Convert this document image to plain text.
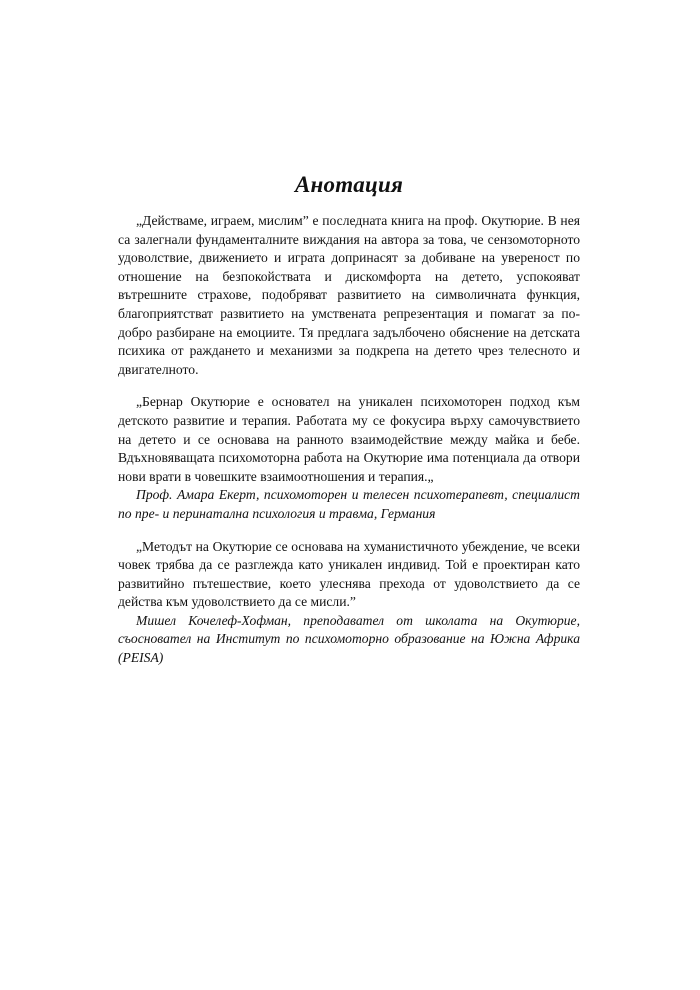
Анотация

„Действаме, играем, мислим” е последната книга на проф. Окутюрие. В нея са залегнали фундаменталните виждания на автора за това, че сензомоторното удоволствие, движението и играта допринасят за добиване на увереност по отношение на безпокойствата и дискомфорта на детето, успокояват вътрешните страхове, подобряват развитието на символичната функция, благоприятстват развитието на умствената репрезентация и помагат за по-добро разбиране на емоциите. Тя предлага задълбочено обяснение на детската психика от раждането и механизми за подкрепа на детето чрез телесното и двигателното.

„Бернар Окутюрие е основател на уникален психомоторен подход към детското развитие и терапия. Работата му се фокусира върху самочувствието на детето и се основава на ранното взаимодействие между майка и бебе. Вдъхновяващата психомоторна работа на Окутюрие има потенциала да отвори нови врати в човешките взаимоотношения и терапия.„

Проф. Амара Екерт, психомоторен и телесен психотерапевт, специалист по пре- и перинатална психология и травма, Германия

„Методът на Окутюрие се основава на хуманистичното убеждение, че всеки човек трябва да се разглежда като уникален индивид. Той е проектиран като развитийно пътешествие, което улеснява прехода от удоволствието да се действа към удоволствието да се мисли.”

Мишел Кочелеф-Хофман, преподавател от школата на Окутюрие, съосновател на Институт по психомоторно образование на Южна Африка (PEISA)
